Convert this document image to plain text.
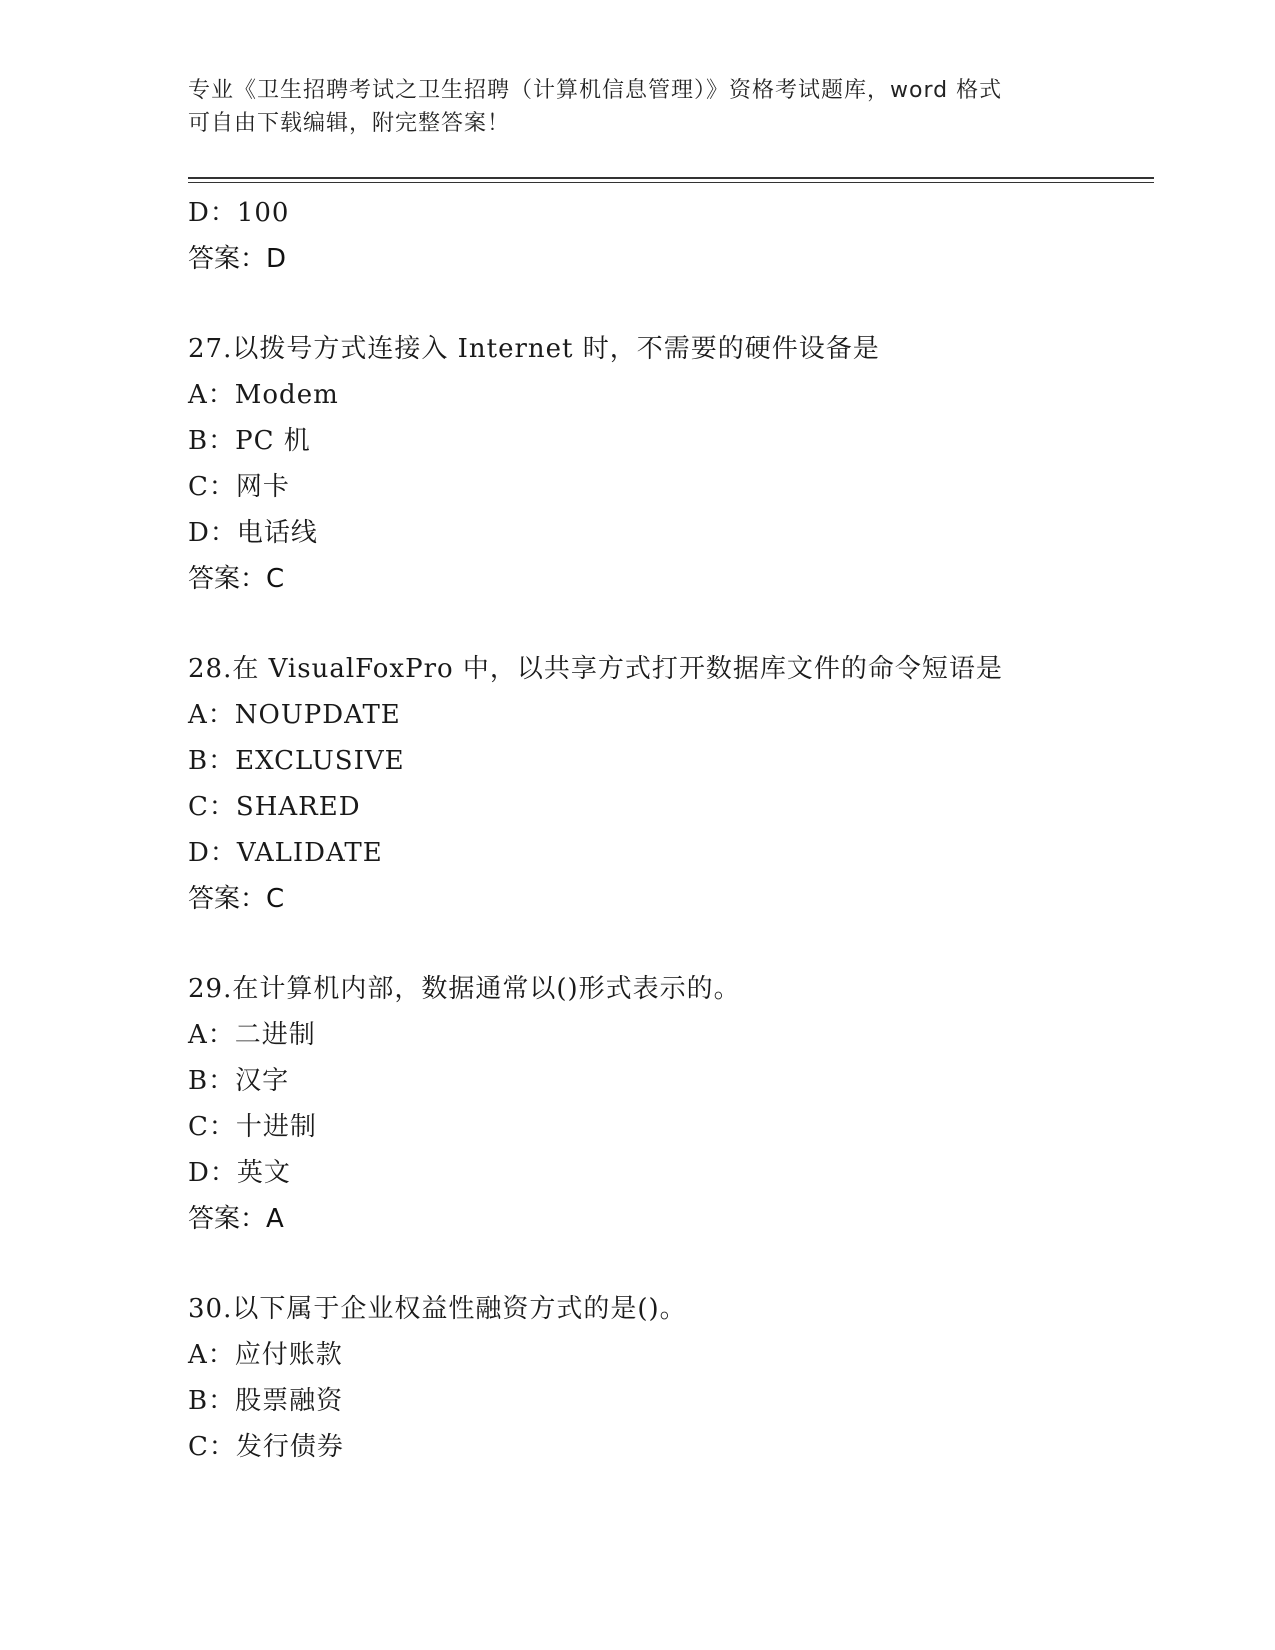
专业《卫生招聘考试之卫生招聘（计算机信息管理）》资格考试题库，word 格式
可自由下载编辑，附完整答案！
D：100
答案：D
27.以拨号方式连接入 Internet 时，不需要的硬件设备是
A：Modem
B：PC 机
C：网卡
D：电话线
答案：C
28.在 VisualFoxPro 中，以共享方式打开数据库文件的命令短语是
A：NOUPDATE
B：EXCLUSIVE
C：SHARED
D：VALIDATE
答案：C
29.在计算机内部，数据通常以()形式表示的。
A：二进制
B：汉字
C：十进制
D：英文
答案：A
30.以下属于企业权益性融资方式的是()。
A：应付账款
B：股票融资
C：发行债券
